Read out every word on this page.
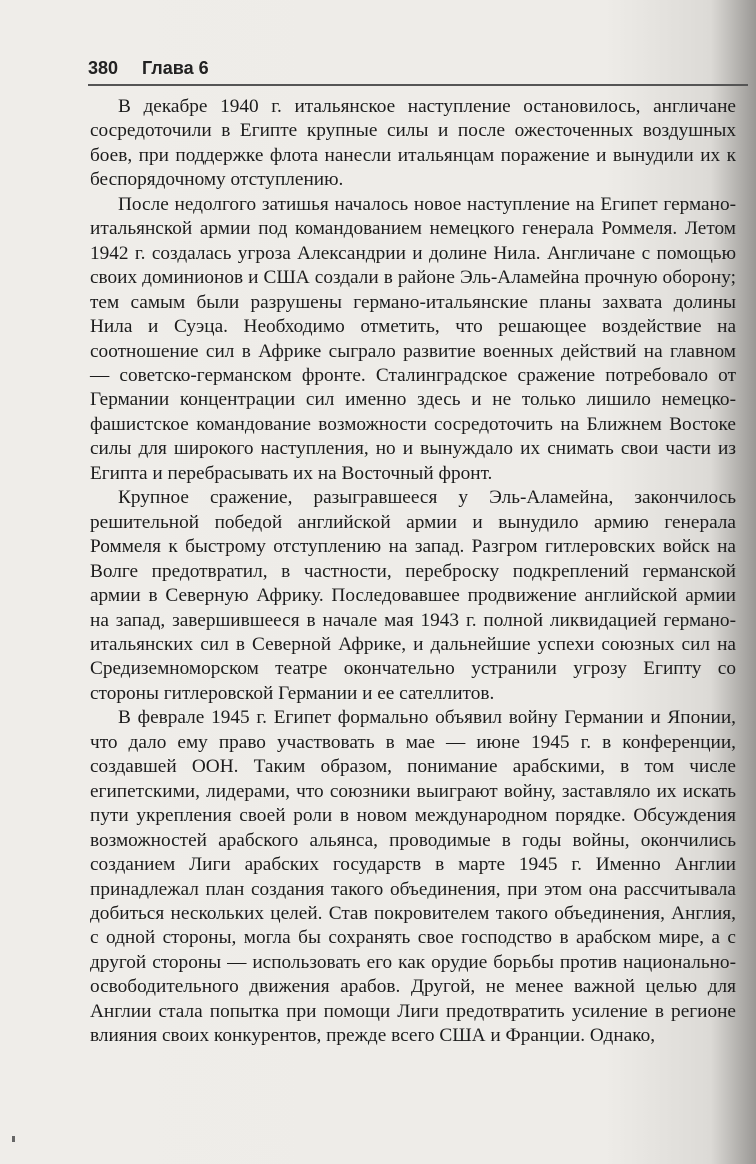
380 Глава 6

В декабре 1940 г. итальянское наступление остановилось, англичане сосредоточили в Египте крупные силы и после ожесточенных воздушных боев, при поддержке флота нанесли итальянцам поражение и вынудили их к беспорядочному отступлению.

После недолгого затишья началось новое наступление на Египет германо-итальянской армии под командованием немецкого генерала Роммеля. Летом 1942 г. создалась угроза Александрии и долине Нила. Англичане с помощью своих доминионов и США создали в районе Эль-Аламейна прочную оборону; тем самым были разрушены германо-итальянские планы захвата долины Нила и Суэца. Необходимо отметить, что решающее воздействие на соотношение сил в Африке сыграло развитие военных действий на главном — советско-германском фронте. Сталинградское сражение потребовало от Германии концентрации сил именно здесь и не только лишило немецко-фашистское командование возможности сосредоточить на Ближнем Востоке силы для широкого наступления, но и вынуждало их снимать свои части из Египта и перебрасывать их на Восточный фронт.

Крупное сражение, разыгравшееся у Эль-Аламейна, закончилось решительной победой английской армии и вынудило армию генерала Роммеля к быстрому отступлению на запад. Разгром гитлеровских войск на Волге предотвратил, в частности, переброску подкреплений германской армии в Северную Африку. Последовавшее продвижение английской армии на запад, завершившееся в начале мая 1943 г. полной ликвидацией германо-итальянских сил в Северной Африке, и дальнейшие успехи союзных сил на Средиземноморском театре окончательно устранили угрозу Египту со стороны гитлеровской Германии и ее сателлитов.

В феврале 1945 г. Египет формально объявил войну Германии и Японии, что дало ему право участвовать в мае — июне 1945 г. в конференции, создавшей ООН. Таким образом, понимание арабскими, в том числе египетскими, лидерами, что союзники выиграют войну, заставляло их искать пути укрепления своей роли в новом международном порядке. Обсуждения возможностей арабского альянса, проводимые в годы войны, окончились созданием Лиги арабских государств в марте 1945 г. Именно Англии принадлежал план создания такого объединения, при этом она рассчитывала добиться нескольких целей. Став покровителем такого объединения, Англия, с одной стороны, могла бы сохранять свое господство в арабском мире, а с другой стороны — использовать его как орудие борьбы против национально-освободительного движения арабов. Другой, не менее важной целью для Англии стала попытка при помощи Лиги предотвратить усиление в регионе влияния своих конкурентов, прежде всего США и Франции. Однако,
